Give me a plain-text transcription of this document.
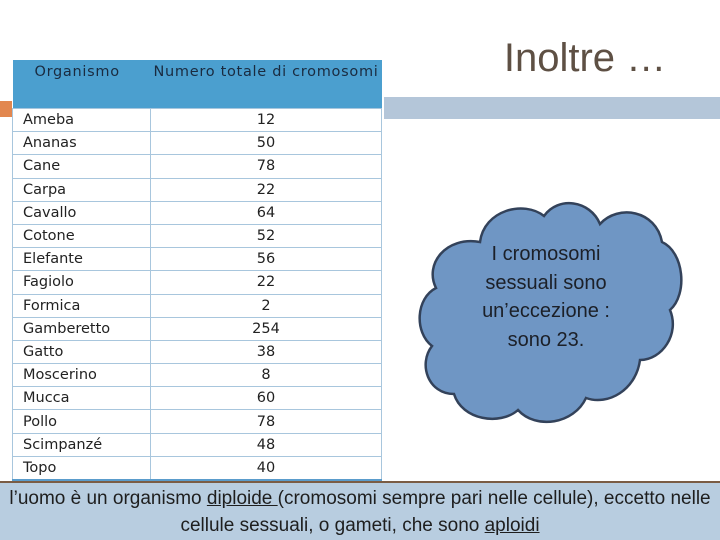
Inoltre …
Organismo	Numero totale di cromosomi
Ameba	12
Ananas	50
Cane	78
Carpa	22
Cavallo	64
Cotone	52
Elefante	56
Fagiolo	22
Formica	2
Gamberetto	254
Gatto	38
Moscerino	8
Mucca	60
Pollo	78
Scimpanzé	48
Topo	40
I cromosomi sessuali sono un’eccezione : sono 23.
l’uomo è un organismo diploide (cromosomi sempre pari nelle cellule), eccetto nelle cellule sessuali, o gameti, che sono aploidi
